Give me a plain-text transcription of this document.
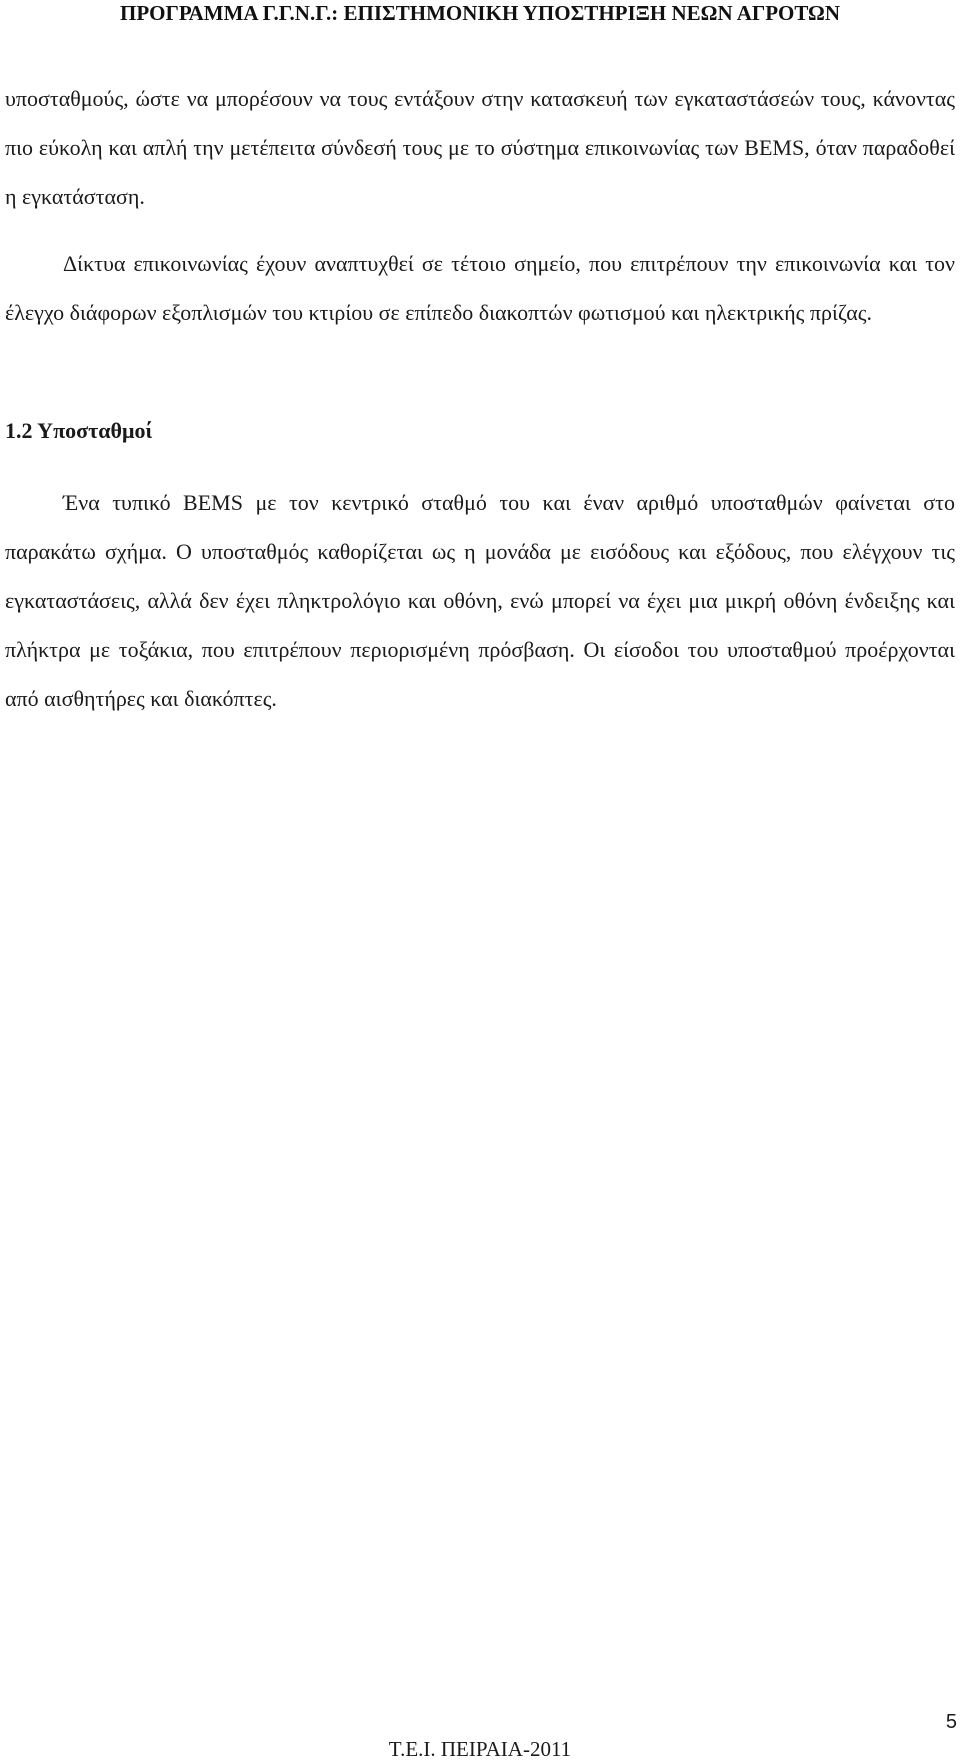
ΠΡΟΓΡΑΜΜΑ Γ.Γ.Ν.Γ.: ΕΠΙΣΤΗΜΟΝΙΚΗ ΥΠΟΣΤΗΡΙΞΗ ΝΕΩΝ ΑΓΡΟΤΩΝ

υποσταθμούς, ώστε να μπορέσουν να τους εντάξουν στην κατασκευή των εγκαταστάσεών τους, κάνοντας πιο εύκολη και απλή την μετέπειτα σύνδεσή τους με το σύστημα επικοινωνίας των BEMS, όταν παραδοθεί η εγκατάσταση.

Δίκτυα επικοινωνίας έχουν αναπτυχθεί σε τέτοιο σημείο, που επιτρέπουν την επικοινωνία και τον έλεγχο διάφορων εξοπλισμών του κτιρίου σε επίπεδο διακοπτών φωτισμού και ηλεκτρικής πρίζας.

1.2 Υποσταθμοί

Ένα τυπικό BEMS με τον κεντρικό σταθμό του και έναν αριθμό υποσταθμών φαίνεται στο παρακάτω σχήμα. Ο υποσταθμός καθορίζεται ως η μονάδα με εισόδους και εξόδους, που ελέγχουν τις εγκαταστάσεις, αλλά δεν έχει πληκτρολόγιο και οθόνη, ενώ μπορεί να έχει μια μικρή οθόνη ένδειξης και πλήκτρα με τοξάκια, που επιτρέπουν περιορισμένη πρόσβαση. Οι είσοδοι του υποσταθμού προέρχονται από αισθητήρες και διακόπτες.

5
Τ.Ε.Ι. ΠΕΙΡΑΙΑ-2011
